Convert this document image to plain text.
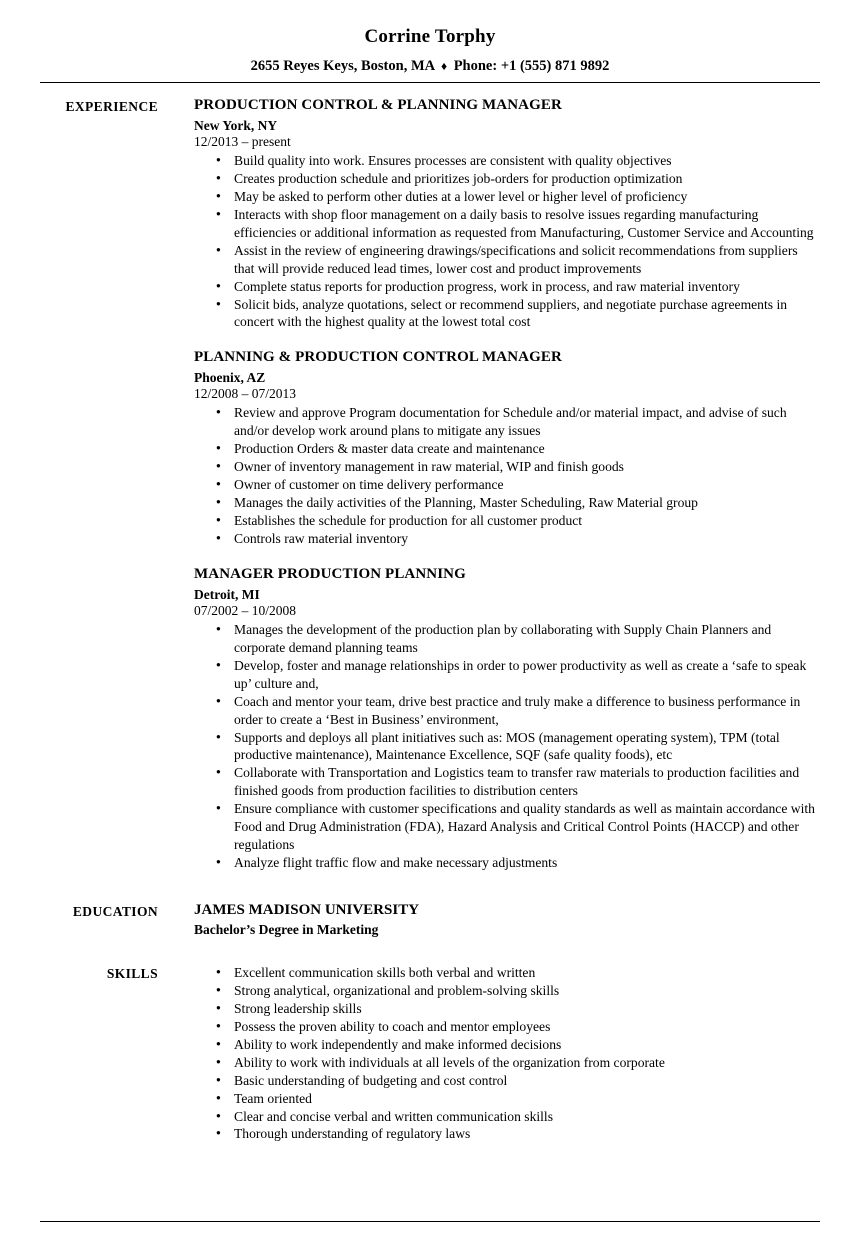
Corrine Torphy
2655 Reyes Keys, Boston, MA ♦ Phone: +1 (555) 871 9892
EXPERIENCE PRODUCTION CONTROL & PLANNING MANAGER
New York, NY
12/2013 – present
● Build quality into work. Ensures processes are consistent with quality objectives
● Creates production schedule and prioritizes job-orders for production optimization
● May be asked to perform other duties at a lower level or higher level of proficiency
● Interacts with shop floor management on a daily basis to resolve issues regarding manufacturing efficiencies or additional information as requested from Manufacturing, Customer Service and Accounting
● Assist in the review of engineering drawings/specifications and solicit recommendations from suppliers that will provide reduced lead times, lower cost and product improvements
● Complete status reports for production progress, work in process, and raw material inventory
● Solicit bids, analyze quotations, select or recommend suppliers, and negotiate purchase agreements in concert with the highest quality at the lowest total cost
PLANNING & PRODUCTION CONTROL MANAGER
Phoenix, AZ
12/2008 – 07/2013
● Review and approve Program documentation for Schedule and/or material impact, and advise of such and/or develop work around plans to mitigate any issues
● Production Orders & master data create and maintenance
● Owner of inventory management in raw material, WIP and finish goods
● Owner of customer on time delivery performance
● Manages the daily activities of the Planning, Master Scheduling, Raw Material group
● Establishes the schedule for production for all customer product
● Controls raw material inventory
MANAGER PRODUCTION PLANNING
Detroit, MI
07/2002 – 10/2008
● Manages the development of the production plan by collaborating with Supply Chain Planners and corporate demand planning teams
● Develop, foster and manage relationships in order to power productivity as well as create a ‘safe to speak up’ culture and,
● Coach and mentor your team, drive best practice and truly make a difference to business performance in order to create a ‘Best in Business’ environment,
● Supports and deploys all plant initiatives such as: MOS (management operating system), TPM (total productive maintenance), Maintenance Excellence, SQF (safe quality foods), etc
● Collaborate with Transportation and Logistics team to transfer raw materials to production facilities and finished goods from production facilities to distribution centers
● Ensure compliance with customer specifications and quality standards as well as maintain accordance with Food and Drug Administration (FDA), Hazard Analysis and Critical Control Points (HACCP) and other regulations
● Analyze flight traffic flow and make necessary adjustments
EDUCATION JAMES MADISON UNIVERSITY
Bachelor’s Degree in Marketing
SKILLS	● Excellent communication skills both verbal and written
● Strong analytical, organizational and problem-solving skills
● Strong leadership skills
● Possess the proven ability to coach and mentor employees
● Ability to work independently and make informed decisions
● Ability to work with individuals at all levels of the organization from corporate
● Basic understanding of budgeting and cost control
● Team oriented
● Clear and concise verbal and written communication skills
● Thorough understanding of regulatory laws
